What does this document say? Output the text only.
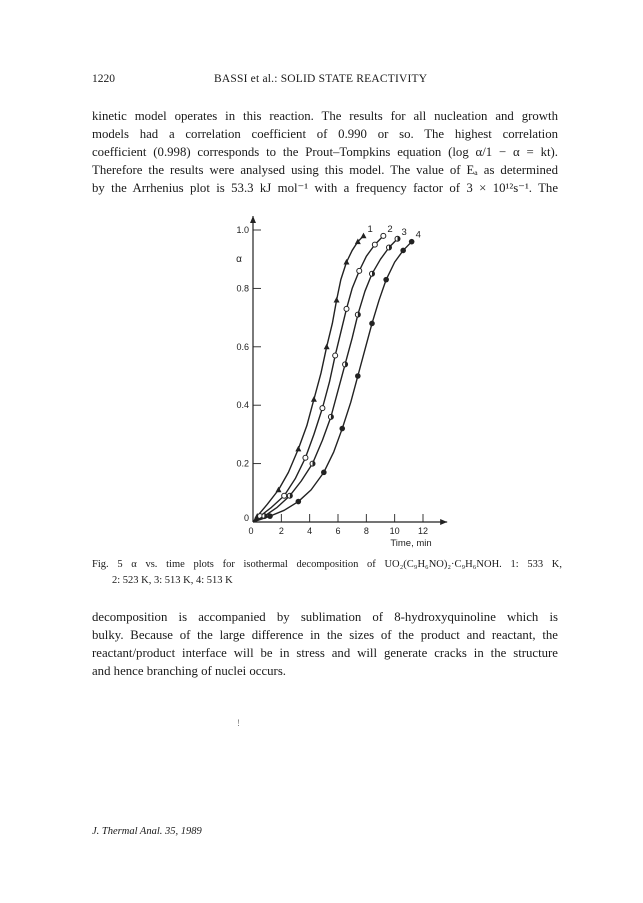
1220	BASSI et al.: SOLID STATE REACTIVITY

kinetic model operates in this reaction. The results for all nucleation and growth
models had a correlation coefficient of 0.990 or so. The highest correlation
coefficient (0.998) corresponds to the Prout–Tompkins equation (log α/1 − α = kt).
Therefore the results were analysed using this model. The value of Eₐ as determined
by the Arrhenius plot is 53.3 kJ mol⁻¹ with a frequency factor of 3 × 10¹²s⁻¹. The

0	2	4	6	8 10 12
0
0.2
0.4
0.6
0.8
1.0
α
Time, min
1 2 3 4
Fig. 5 α vs. time plots for isothermal decomposition of UO₂(C₉H₆NO)₂·C₉H₆NOH. 1: 533 K,
2: 523 K, 3: 513 K, 4: 513 K

decomposition is accompanied by sublimation of 8-hydroxyquinoline which is
bulky. Because of the large difference in the sizes of the product and reactant, the
reactant/product interface will be in stress and will generate cracks in the structure
and hence branching of nuclei occurs.

!
J. Thermal Anal. 35, 1989
